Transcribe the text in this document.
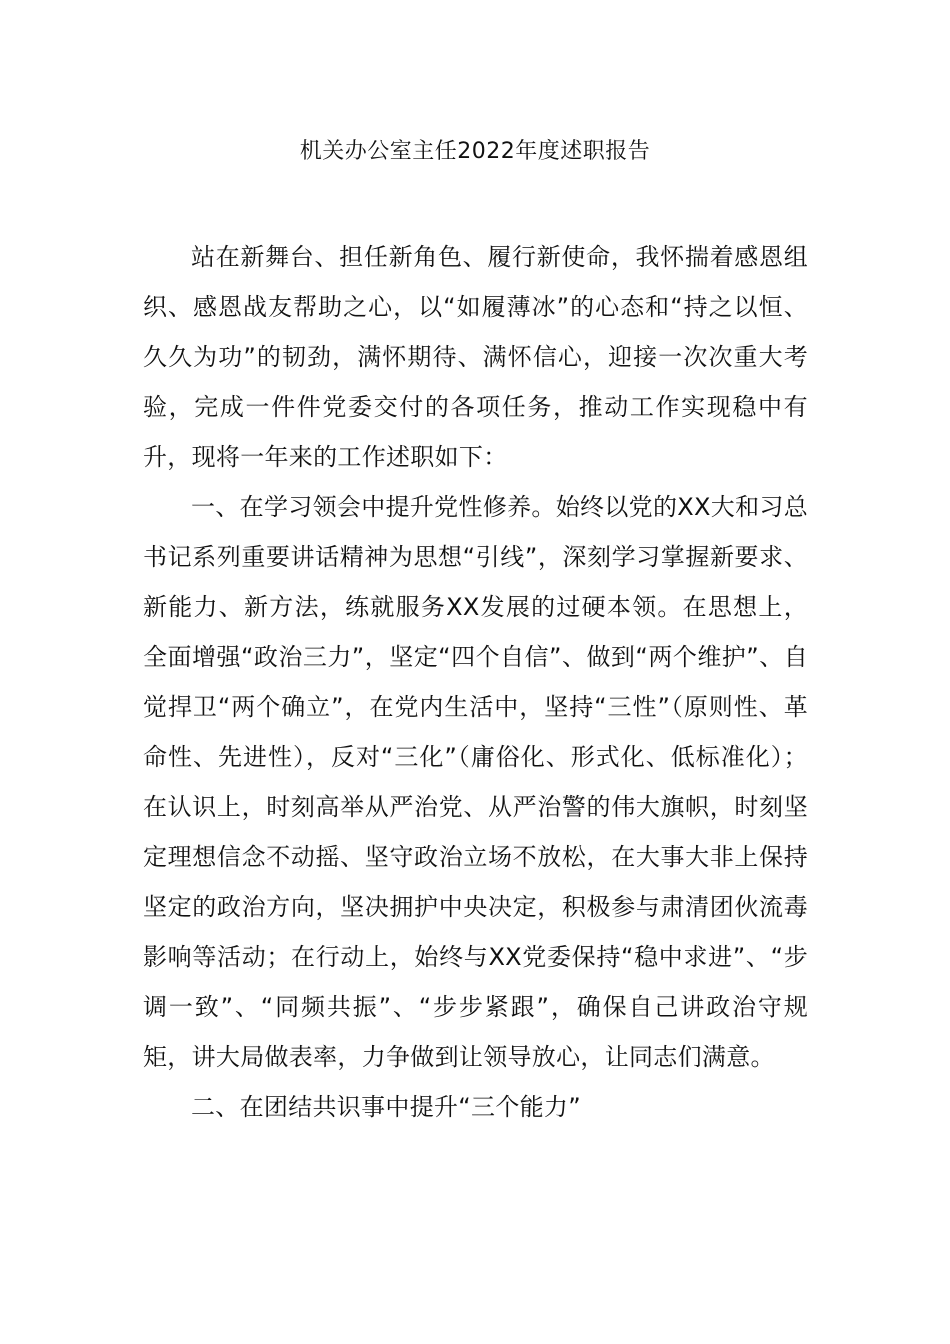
机关办公室主任2022年度述职报告

站在新舞台、担任新角色、履行新使命，我怀揣着感恩组织、感恩战友帮助之心，以“如履薄冰”的心态和“持之以恒、久久为功”的韧劲，满怀期待、满怀信心，迎接一次次重大考验，完成一件件党委交付的各项任务，推动工作实现稳中有升，现将一年来的工作述职如下：

一、在学习领会中提升党性修养。始终以党的XX大和习总书记系列重要讲话精神为思想“引线”，深刻学习掌握新要求、新能力、新方法，练就服务XX发展的过硬本领。在思想上，全面增强“政治三力”，坚定“四个自信”、做到“两个维护”、自觉捍卫“两个确立”，在党内生活中，坚持“三性”（原则性、革命性、先进性），反对“三化”（庸俗化、形式化、低标准化）；在认识上，时刻高举从严治党、从严治警的伟大旗帜，时刻坚定理想信念不动摇、坚守政治立场不放松，在大事大非上保持坚定的政治方向，坚决拥护中央决定，积极参与肃清团伙流毒影响等活动；在行动上，始终与XX党委保持“稳中求进”、“步调一致”、“同频共振”、“步步紧跟”，确保自己讲政治守规矩，讲大局做表率，力争做到让领导放心，让同志们满意。

二、在团结共识事中提升“三个能力”
